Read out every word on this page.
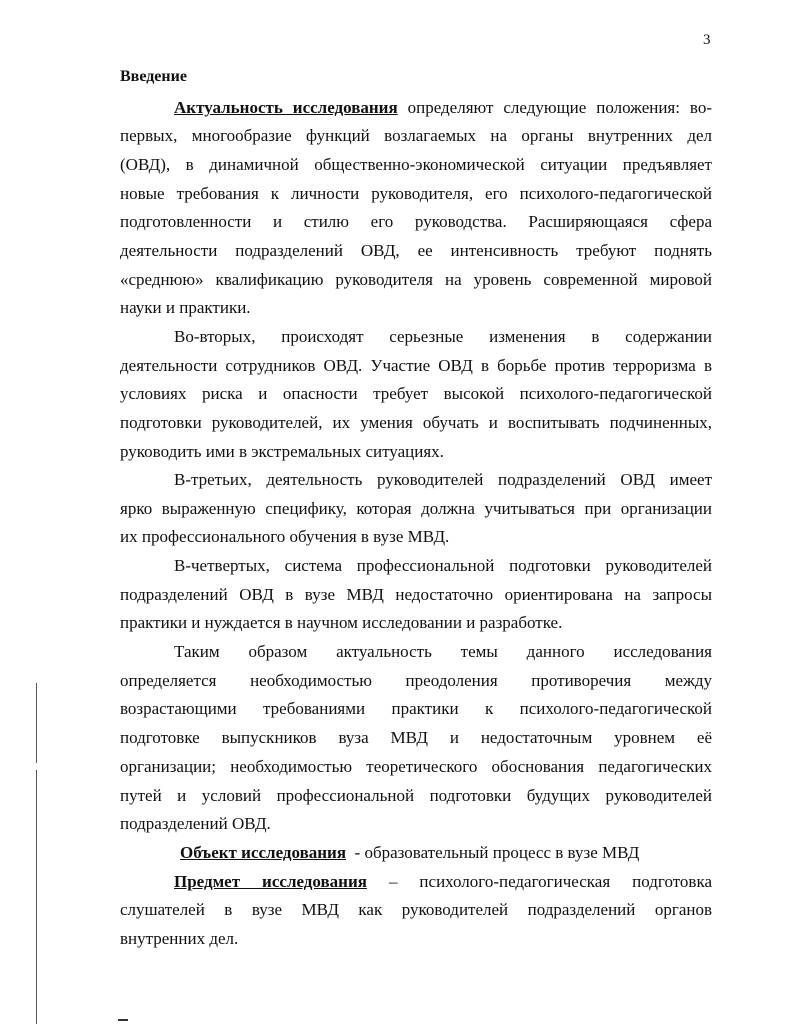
3
Введение
Актуальность исследования определяют следующие положения: во-
первых, многообразие функций возлагаемых на органы внутренних дел
(ОВД), в динамичной общественно-экономической ситуации предъявляет
новые требования к личности руководителя, его психолого-педагогической
подготовленности и стилю его руководства. Расширяющаяся сфера
деятельности подразделений ОВД, ее интенсивность требуют поднять
«среднюю» квалификацию руководителя на уровень современной мировой
науки и практики.
Во-вторых, происходят серьезные изменения в содержании
деятельности сотрудников ОВД. Участие ОВД в борьбе против терроризма в
условиях риска и опасности требует высокой психолого-педагогической
подготовки руководителей, их умения обучать и воспитывать подчиненных,
руководить ими в экстремальных ситуациях.
В-третьих, деятельность руководителей подразделений ОВД имеет
ярко выраженную специфику, которая должна учитываться при организации
их профессионального обучения в вузе МВД.
В-четвертых, система профессиональной подготовки руководителей
подразделений ОВД в вузе МВД недостаточно ориентирована на запросы
практики и нуждается в научном исследовании и разработке.
Таким образом актуальность темы данного исследования
определяется необходимостью преодоления противоречия между
возрастающими требованиями практики к психолого-педагогической
подготовке выпускников вуза МВД и недостаточным уровнем её
организации; необходимостью теоретического обоснования педагогических
путей и условий профессиональной подготовки будущих руководителей
подразделений ОВД.
Объект исследования  - образовательный процесс в вузе МВД
Предмет исследования – психолого-педагогическая подготовка
слушателей в вузе МВД как руководителей подразделений органов
внутренних дел.
